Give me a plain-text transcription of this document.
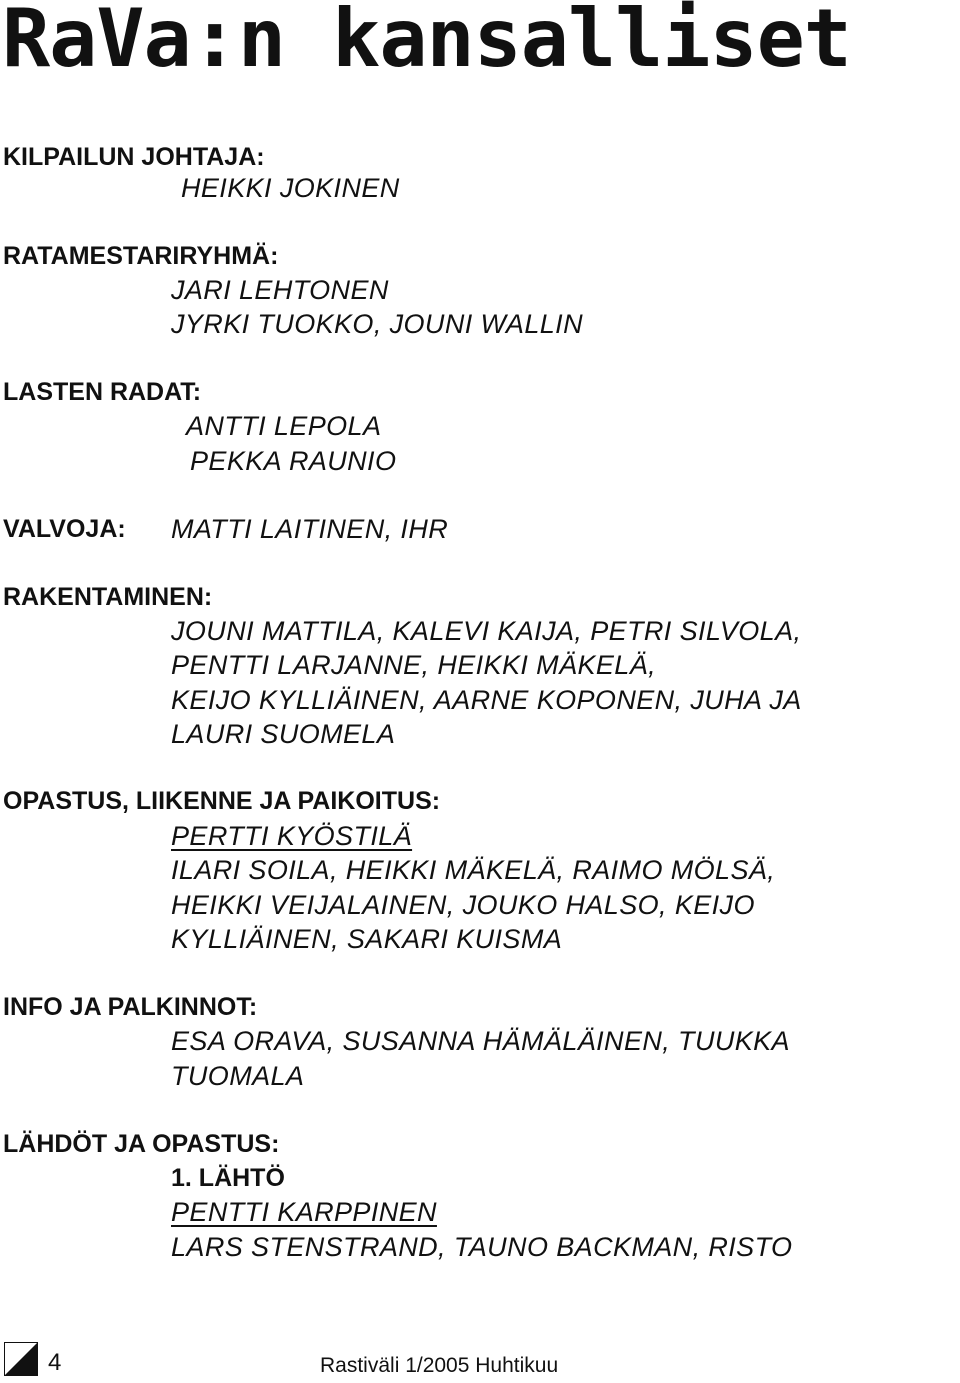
RaVa:n kansalliset

KILPAILUN JOHTAJA:

HEIKKI JOKINEN

RATAMESTARIRYHMÄ:

JARI LEHTONEN

JYRKI TUOKKO, JOUNI WALLIN

LASTEN RADAT:

ANTTI LEPOLA

PEKKA RAUNIO

VALVOJA: MATTI LAITINEN, IHR

RAKENTAMINEN:

JOUNI MATTILA, KALEVI KAIJA, PETRI SILVOLA,

PENTTI LARJANNE, HEIKKI MÄKELÄ,

KEIJO KYLLIÄINEN, AARNE KOPONEN, JUHA JA

LAURI SUOMELA

OPASTUS, LIIKENNE JA PAIKOITUS:

PERTTI KYÖSTILÄ

ILARI SOILA, HEIKKI MÄKELÄ, RAIMO MÖLSÄ,

HEIKKI VEIJALAINEN, JOUKO HALSO, KEIJO

KYLLIÄINEN, SAKARI KUISMA

INFO JA PALKINNOT:

ESA ORAVA, SUSANNA HÄMÄLÄINEN, TUUKKA

TUOMALA

LÄHDÖT JA OPASTUS:

1. LÄHTÖ

PENTTI KARPPINEN

LARS STENSTRAND, TAUNO BACKMAN, RISTO

4	Rastiväli 1/2005 Huhtikuu
